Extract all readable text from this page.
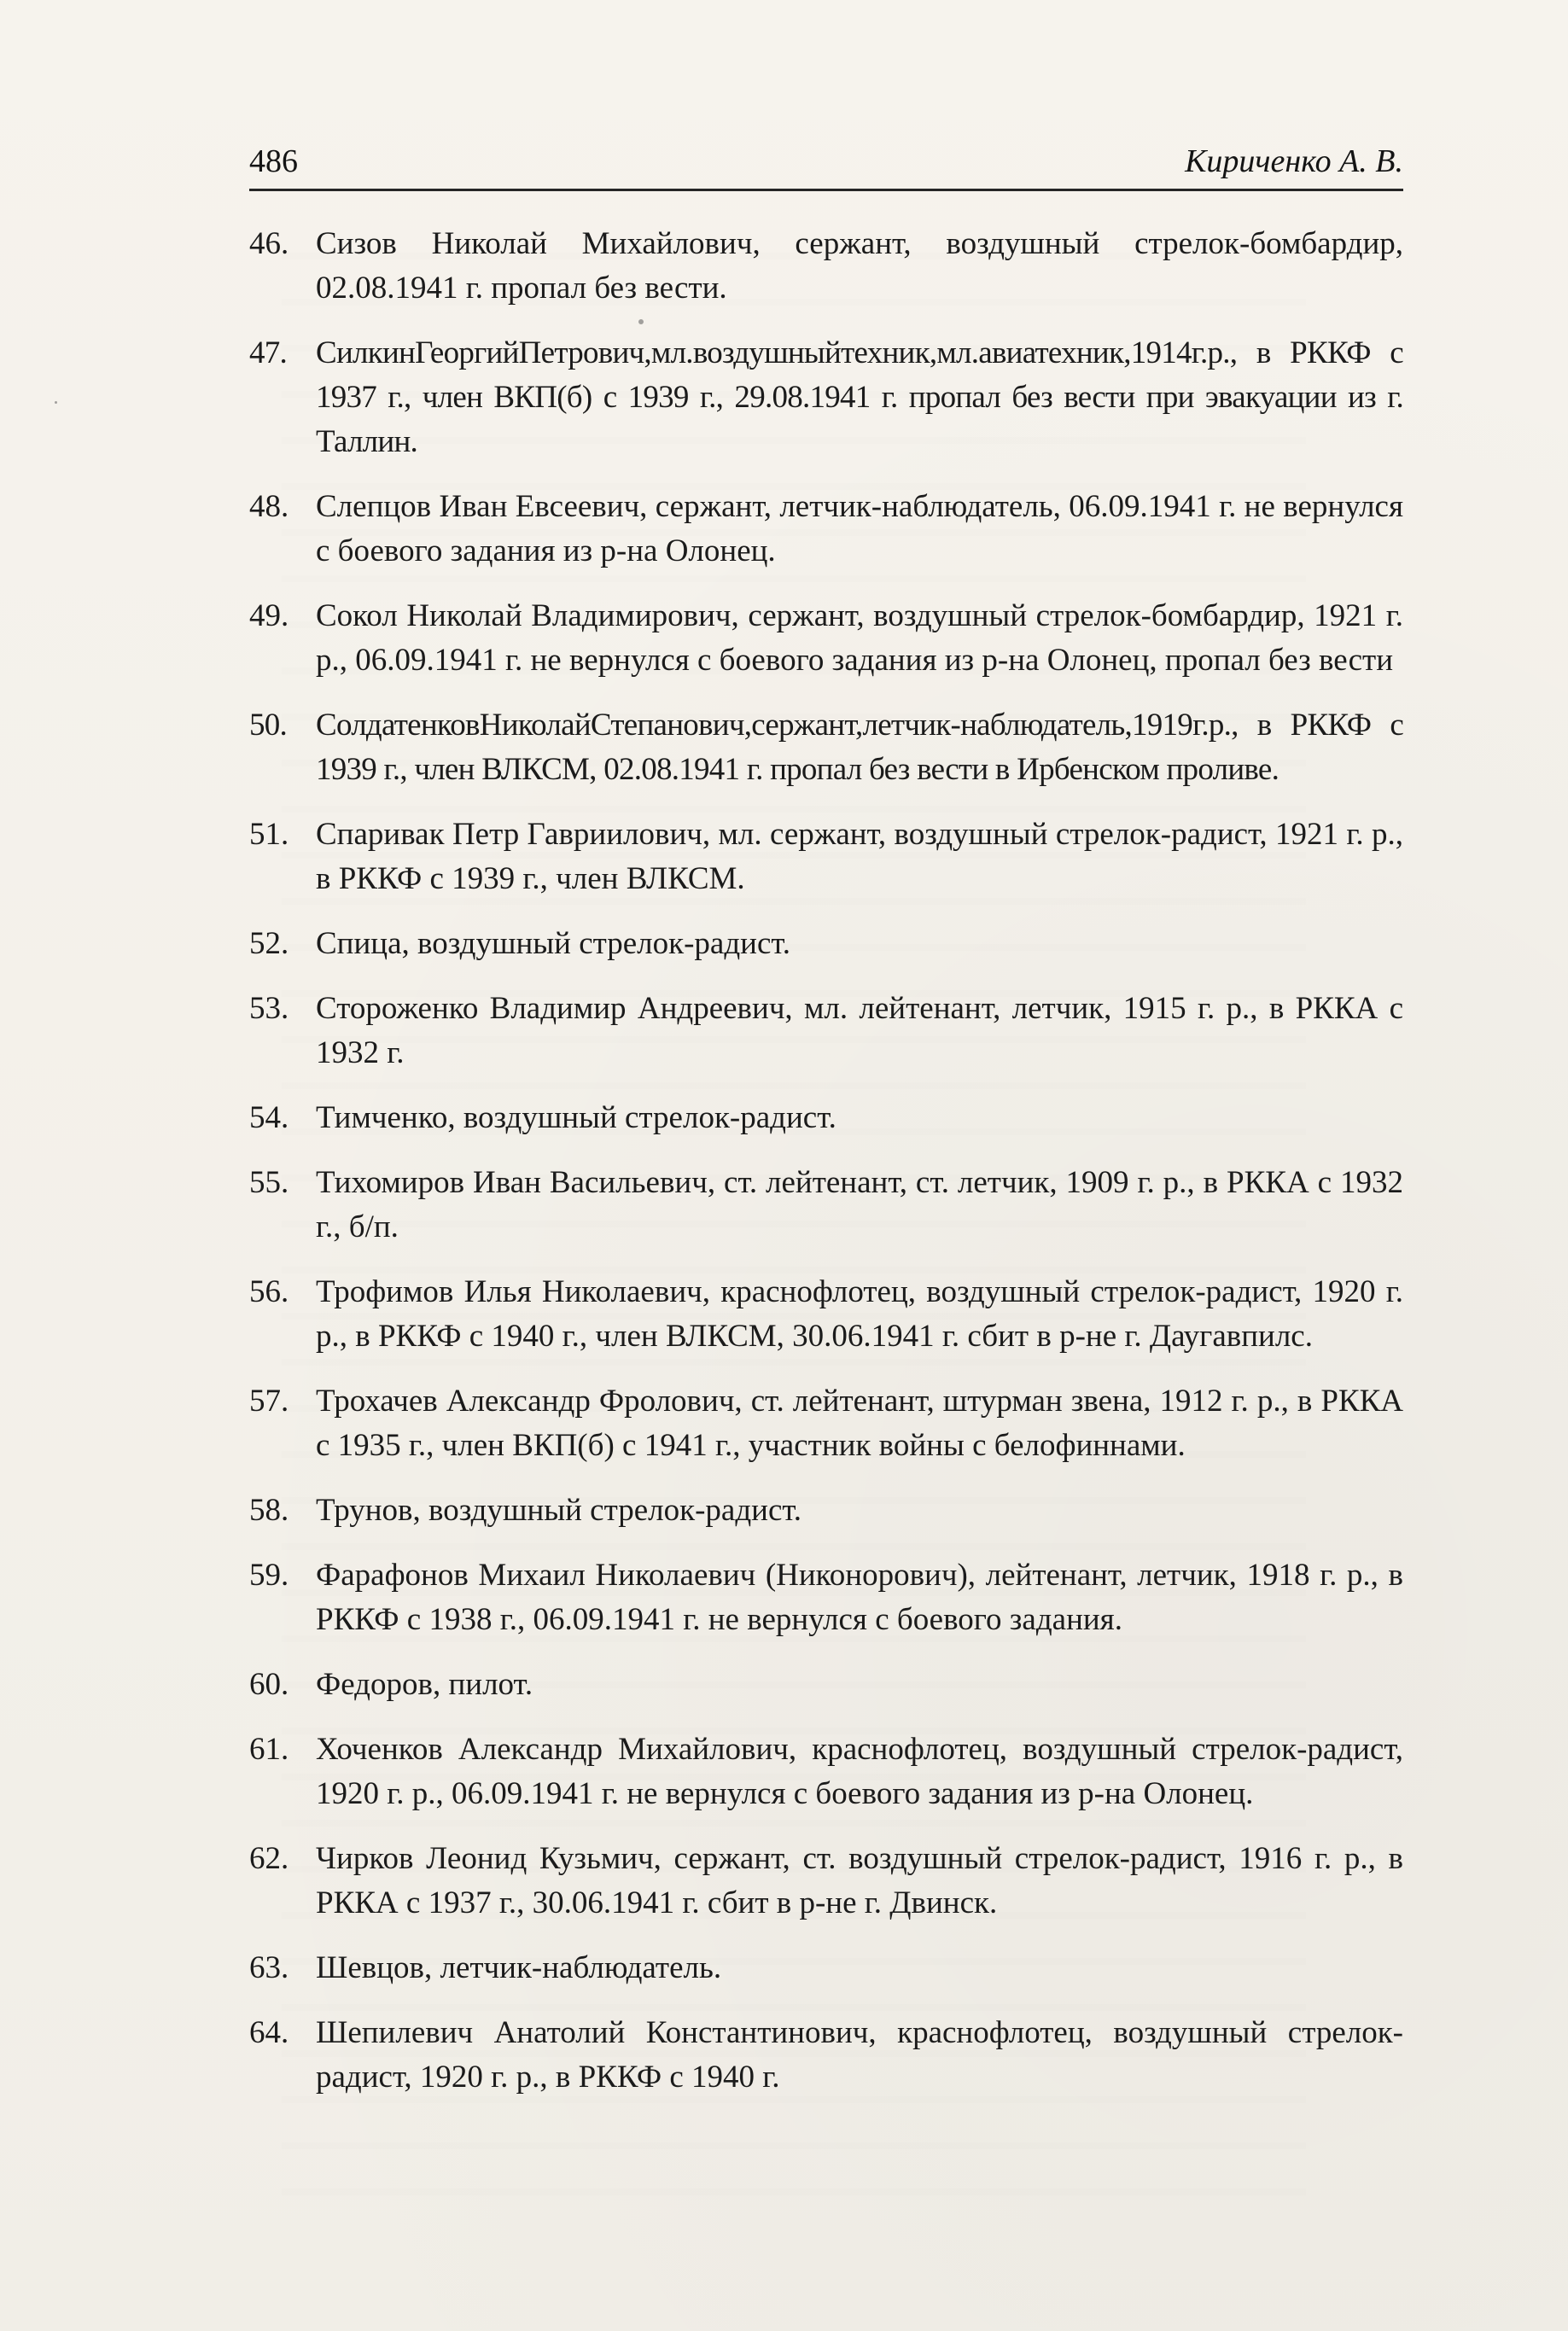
486	Кириченко А. В.
46. Сизов Николай Михайлович, сержант, воздушный стрелок-бомбардир, 02.08.1941 г. пропал без вести.
47. СилкинГеоргийПетрович,мл.воздушныйтехник,мл.авиатехник,1914г.р., в РККФ с 1937 г., член ВКП(б) с 1939 г., 29.08.1941 г. пропал без вести при эвакуации из г. Таллин.
48. Слепцов Иван Евсеевич, сержант, летчик-наблюдатель, 06.09.1941 г. не вернулся с боевого задания из р-на Олонец.
49. Сокол Николай Владимирович, сержант, воздушный стрелок-бомбардир, 1921 г. р., 06.09.1941 г. не вернулся с боевого задания из р-на Олонец, пропал без вести
50. СолдатенковНиколайСтепанович,сержант,летчик-наблюдатель,1919г.р., в РККФ с 1939 г., член ВЛКСМ, 02.08.1941 г. пропал без вести в Ирбенском проливе.
51. Спаривак Петр Гавриилович, мл. сержант, воздушный стрелок-радист, 1921 г. р., в РККФ с 1939 г., член ВЛКСМ.
52. Спица, воздушный стрелок-радист.
53. Стороженко Владимир Андреевич, мл. лейтенант, летчик, 1915 г. р., в РККА с 1932 г.
54. Тимченко, воздушный стрелок-радист.
55. Тихомиров Иван Васильевич, ст. лейтенант, ст. летчик, 1909 г. р., в РККА с 1932 г., б/п.
56. Трофимов Илья Николаевич, краснофлотец, воздушный стрелок-радист, 1920 г. р., в РККФ с 1940 г., член ВЛКСМ, 30.06.1941 г. сбит в р-не г. Даугавпилс.
57. Трохачев Александр Фролович, ст. лейтенант, штурман звена, 1912 г. р., в РККА с 1935 г., член ВКП(б) с 1941 г., участник войны с белофиннами.
58. Трунов, воздушный стрелок-радист.
59. Фарафонов Михаил Николаевич (Никонорович), лейтенант, летчик, 1918 г. р., в РККФ с 1938 г., 06.09.1941 г. не вернулся с боевого задания.
60. Федоров, пилот.
61. Хоченков Александр Михайлович, краснофлотец, воздушный стрелок-радист, 1920 г. р., 06.09.1941 г. не вернулся с боевого задания из р-на Олонец.
62. Чирков Леонид Кузьмич, сержант, ст. воздушный стрелок-радист, 1916 г. р., в РККА с 1937 г., 30.06.1941 г. сбит в р-не г. Двинск.
63. Шевцов, летчик-наблюдатель.
64. Шепилевич Анатолий Константинович, краснофлотец, воздушный стрелок-радист, 1920 г. р., в РККФ с 1940 г.
